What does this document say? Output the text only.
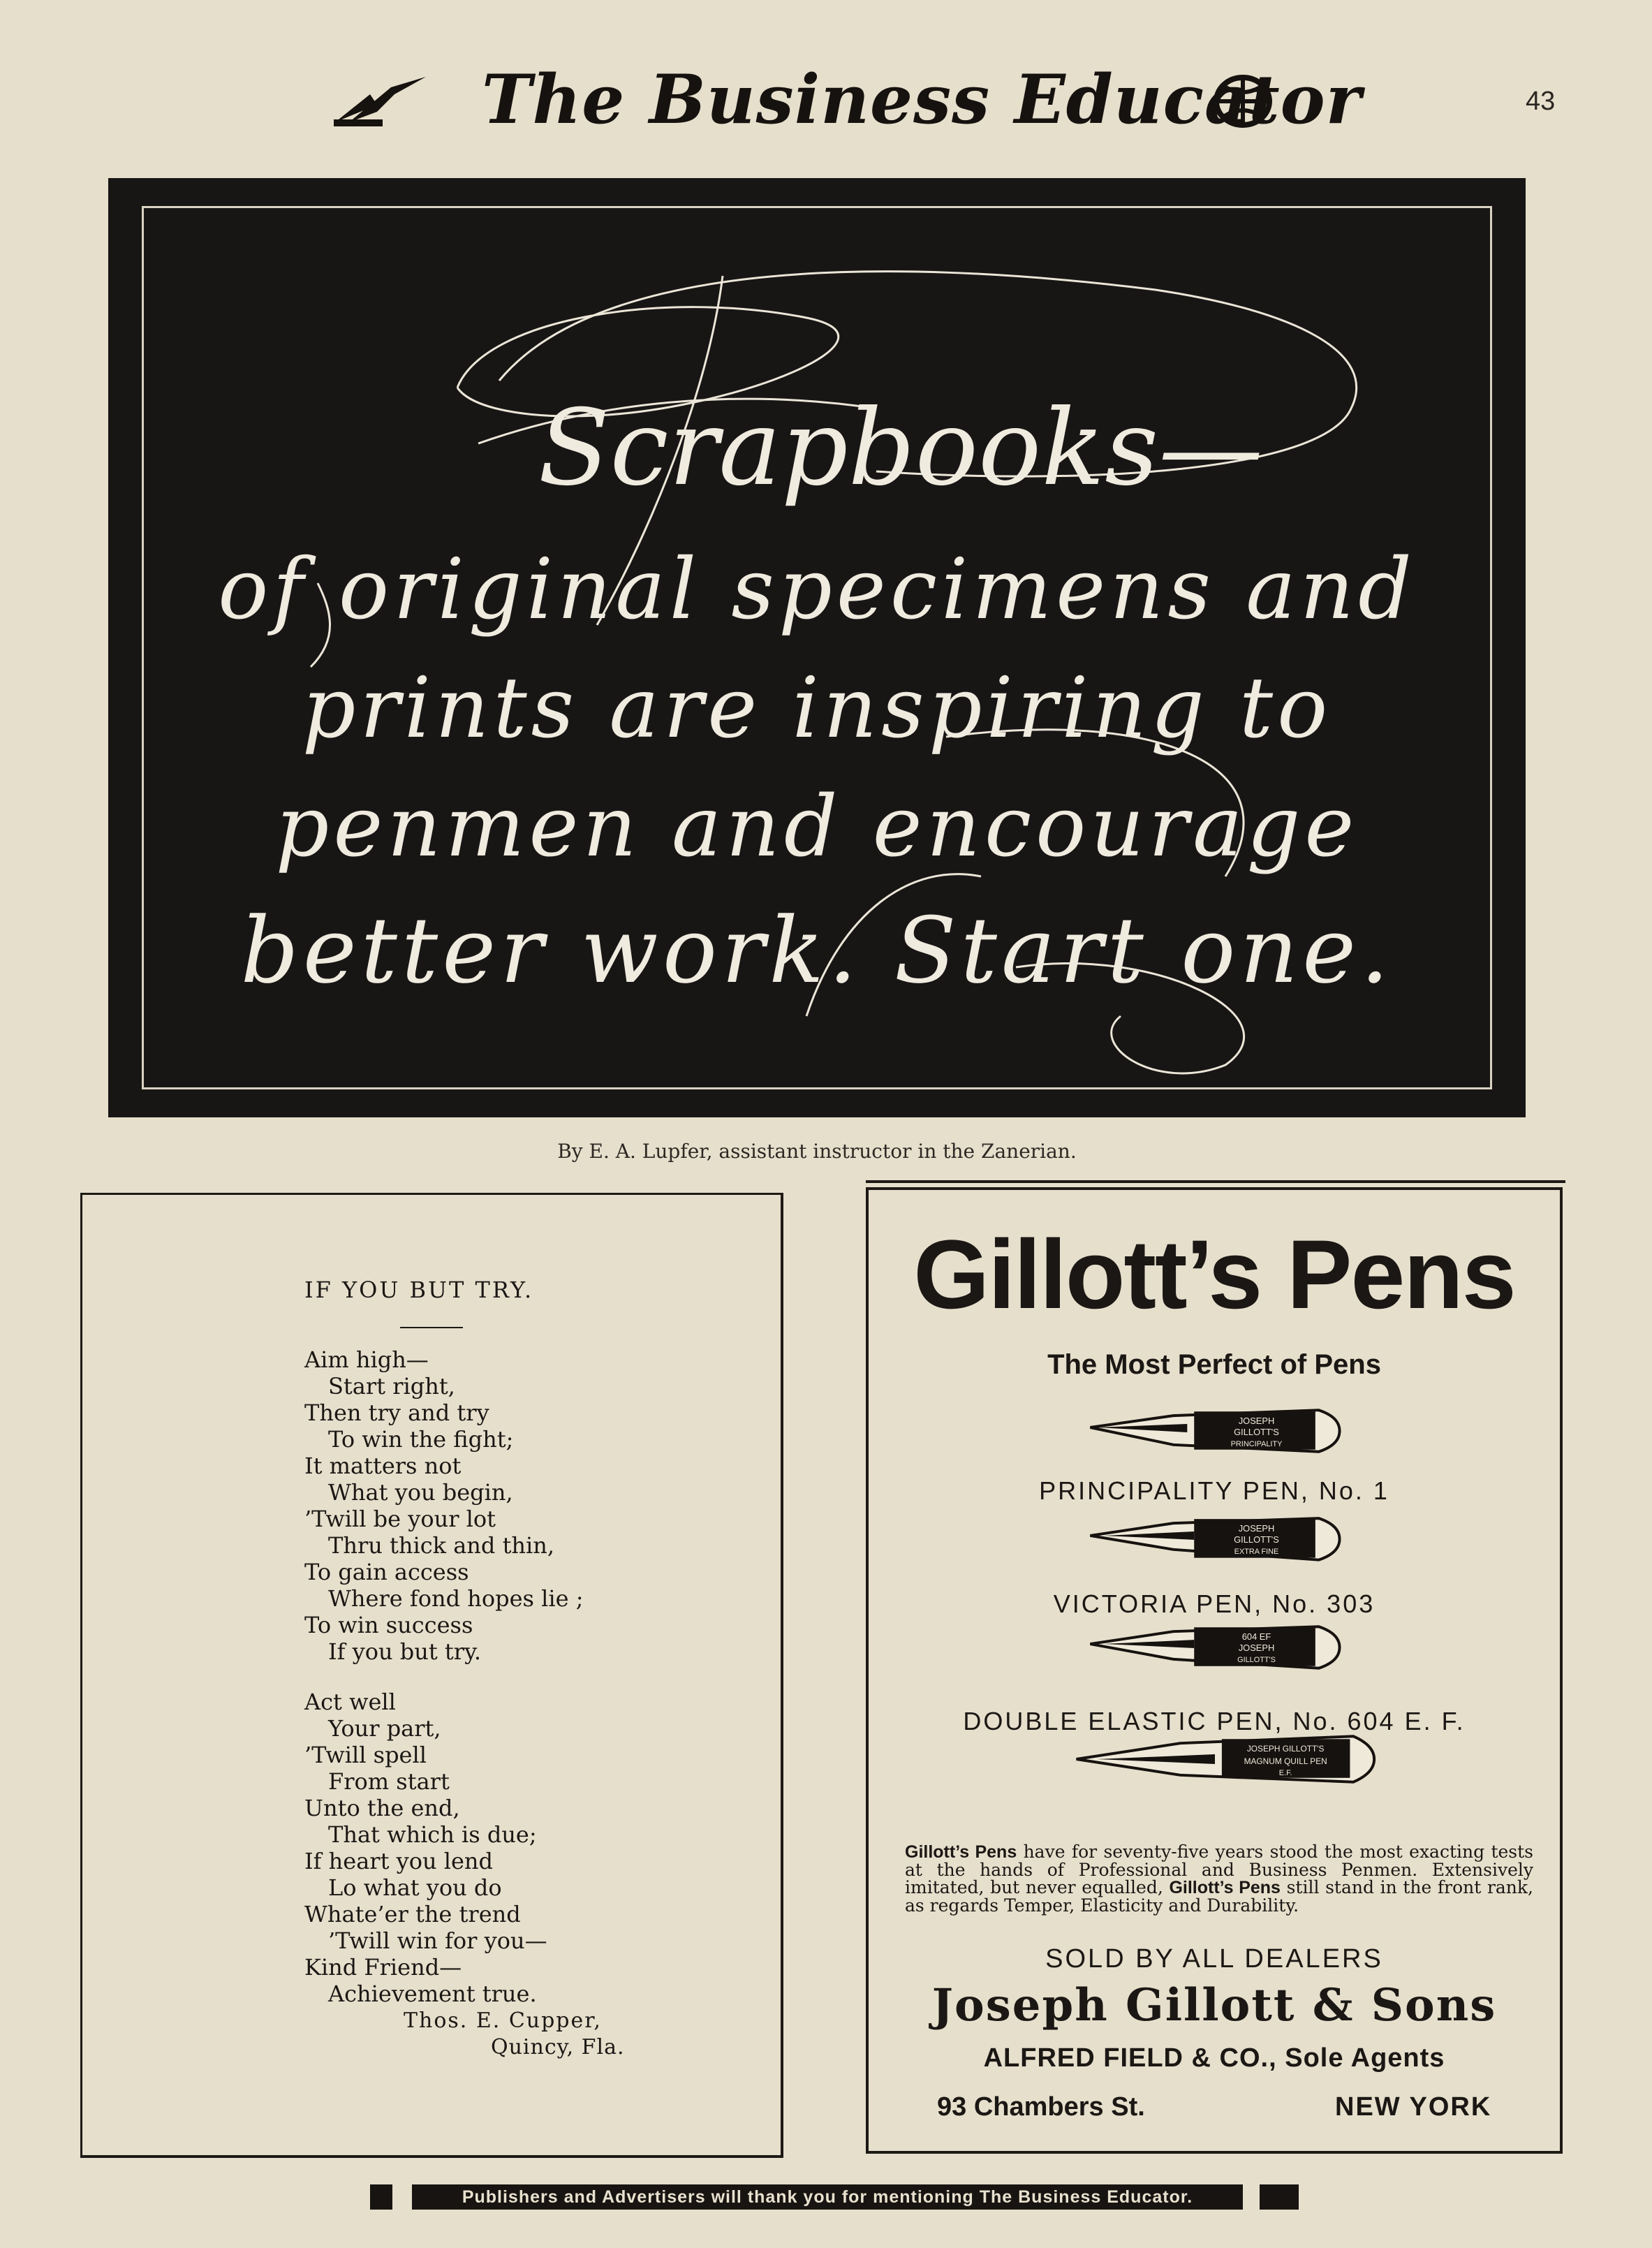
The Business Educator	43
Scrapbooks—
of original specimens and
prints are inspiring to
penmen and encourage
better work. Start one.
By E. A. Lupfer, assistant instructor in the Zanerian.
IF YOU BUT TRY.
Aim high—
Start right,
Then try and try
To win the fight;
It matters not
What you begin,
’Twill be your lot
Thru thick and thin,
To gain access
Where fond hopes lie ;
To win success
If you but try.
Act well
Your part,
’Twill spell
From start
Unto the end,
That which is due;
If heart you lend
Lo what you do
Whate’er the trend
’Twill win for you—
Kind Friend—
Achievement true.
Thos. E. Cupper,
Quincy, Fla.
Gillott’s Pens
The Most Perfect of Pens
JOSEPH
GILLOTT'S
PRINCIPALITY
PRINCIPALITY PEN, No. 1
JOSEPH
GILLOTT'S
EXTRA FINE
VICTORIA PEN, No. 303
604 EF
JOSEPH
GILLOTT'S
DOUBLE ELASTIC PEN, No. 604 E. F.
JOSEPH GILLOTT'S
MAGNUM QUILL PEN
E.F.
Gillott’s Pens have for seventy-five years stood the most exacting tests at the hands of Professional and Business Penmen. Extensively imitated, but never equalled, Gillott’s Pens still stand in the front rank, as regards Temper, Elasticity and Durability.
SOLD BY ALL DEALERS
Joseph Gillott & Sons
ALFRED FIELD & CO., Sole Agents
93 Chambers St.	NEW YORK
Publishers and Advertisers will thank you for mentioning The Business Educator.
